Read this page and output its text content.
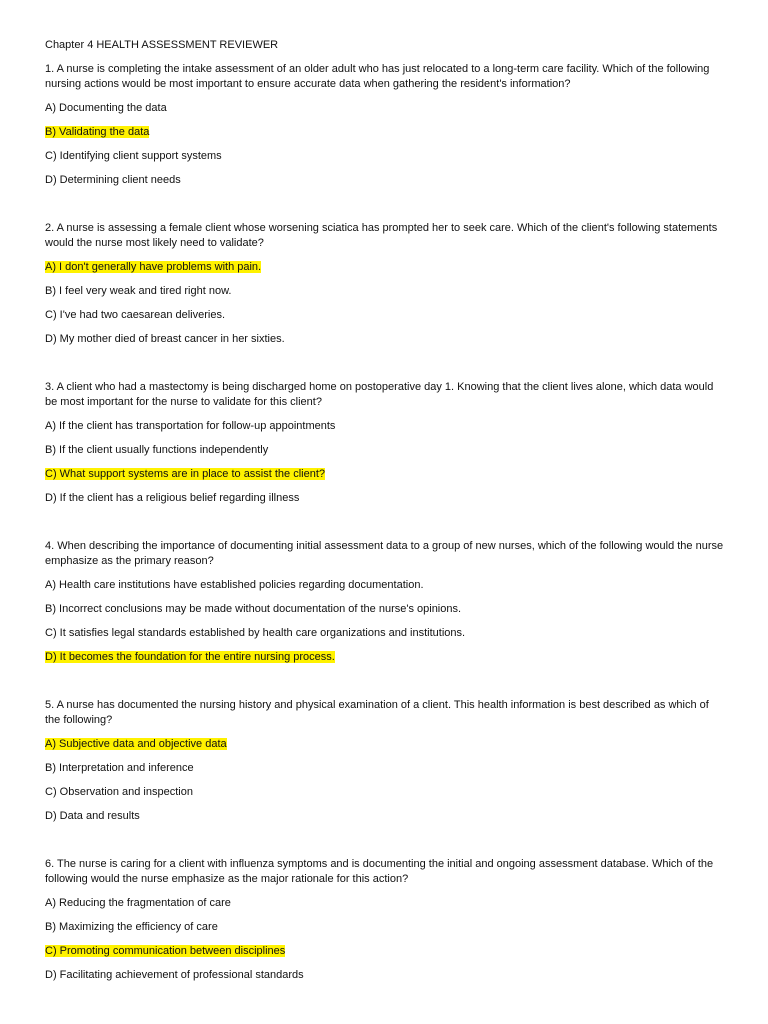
Chapter 4 HEALTH ASSESSMENT REVIEWER
1. A nurse is completing the intake assessment of an older adult who has just relocated to a long-term care facility. Which of the following nursing actions would be most important to ensure accurate data when gathering the resident's information?
A) Documenting the data
B) Validating the data
C) Identifying client support systems
D) Determining client needs
2. A nurse is assessing a female client whose worsening sciatica has prompted her to seek care. Which of the client's following statements would the nurse most likely need to validate?
A) I don't generally have problems with pain.
B) I feel very weak and tired right now.
C) I've had two caesarean deliveries.
D) My mother died of breast cancer in her sixties.
3. A client who had a mastectomy is being discharged home on postoperative day 1. Knowing that the client lives alone, which data would be most important for the nurse to validate for this client?
A) If the client has transportation for follow-up appointments
B) If the client usually functions independently
C) What support systems are in place to assist the client?
D) If the client has a religious belief regarding illness
4. When describing the importance of documenting initial assessment data to a group of new nurses, which of the following would the nurse emphasize as the primary reason?
A) Health care institutions have established policies regarding documentation.
B) Incorrect conclusions may be made without documentation of the nurse's opinions.
C) It satisfies legal standards established by health care organizations and institutions.
D) It becomes the foundation for the entire nursing process.
5. A nurse has documented the nursing history and physical examination of a client. This health information is best described as which of the following?
A) Subjective data and objective data
B) Interpretation and inference
C) Observation and inspection
D) Data and results
6. The nurse is caring for a client with influenza symptoms and is documenting the initial and ongoing assessment database. Which of the following would the nurse emphasize as the major rationale for this action?
A) Reducing the fragmentation of care
B) Maximizing the efficiency of care
C) Promoting communication between disciplines
D) Facilitating achievement of professional standards
